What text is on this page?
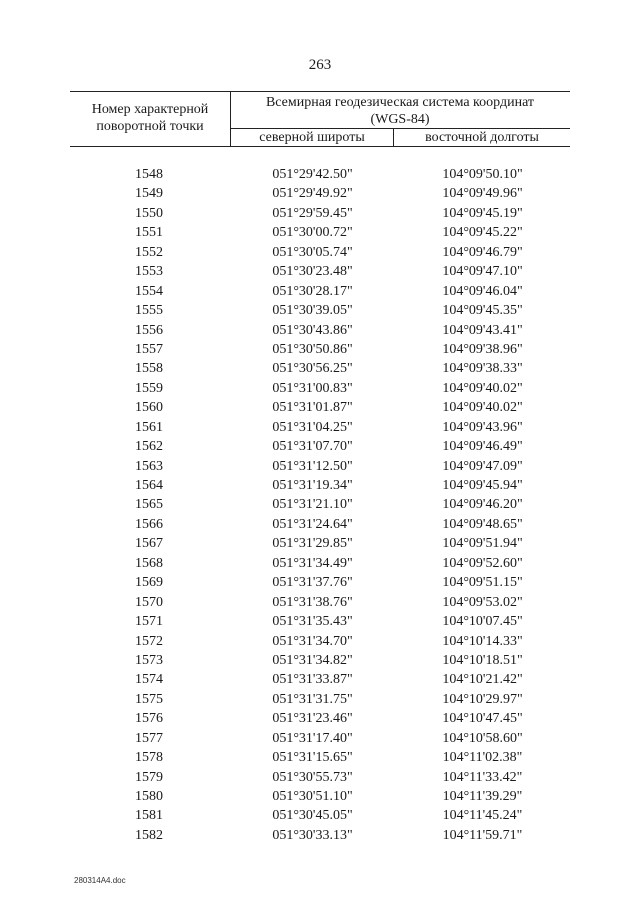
263
Номер характерной поворотной точки
Всемирная геодезическая система координат
(WGS-84)
северной широты	восточной долготы
1548	051°29'42.50"	104°09'50.10"
1549	051°29'49.92"	104°09'49.96"
1550	051°29'59.45"	104°09'45.19"
1551	051°30'00.72"	104°09'45.22"
1552	051°30'05.74"	104°09'46.79"
1553	051°30'23.48"	104°09'47.10"
1554	051°30'28.17"	104°09'46.04"
1555	051°30'39.05"	104°09'45.35"
1556	051°30'43.86"	104°09'43.41"
1557	051°30'50.86"	104°09'38.96"
1558	051°30'56.25"	104°09'38.33"
1559	051°31'00.83"	104°09'40.02"
1560	051°31'01.87"	104°09'40.02"
1561	051°31'04.25"	104°09'43.96"
1562	051°31'07.70"	104°09'46.49"
1563	051°31'12.50"	104°09'47.09"
1564	051°31'19.34"	104°09'45.94"
1565	051°31'21.10"	104°09'46.20"
1566	051°31'24.64"	104°09'48.65"
1567	051°31'29.85"	104°09'51.94"
1568	051°31'34.49"	104°09'52.60"
1569	051°31'37.76"	104°09'51.15"
1570	051°31'38.76"	104°09'53.02"
1571	051°31'35.43"	104°10'07.45"
1572	051°31'34.70"	104°10'14.33"
1573	051°31'34.82"	104°10'18.51"
1574	051°31'33.87"	104°10'21.42"
1575	051°31'31.75"	104°10'29.97"
1576	051°31'23.46"	104°10'47.45"
1577	051°31'17.40"	104°10'58.60"
1578	051°31'15.65"	104°11'02.38"
1579	051°30'55.73"	104°11'33.42"
1580	051°30'51.10"	104°11'39.29"
1581	051°30'45.05"	104°11'45.24"
1582	051°30'33.13"	104°11'59.71"
280314A4.doc
